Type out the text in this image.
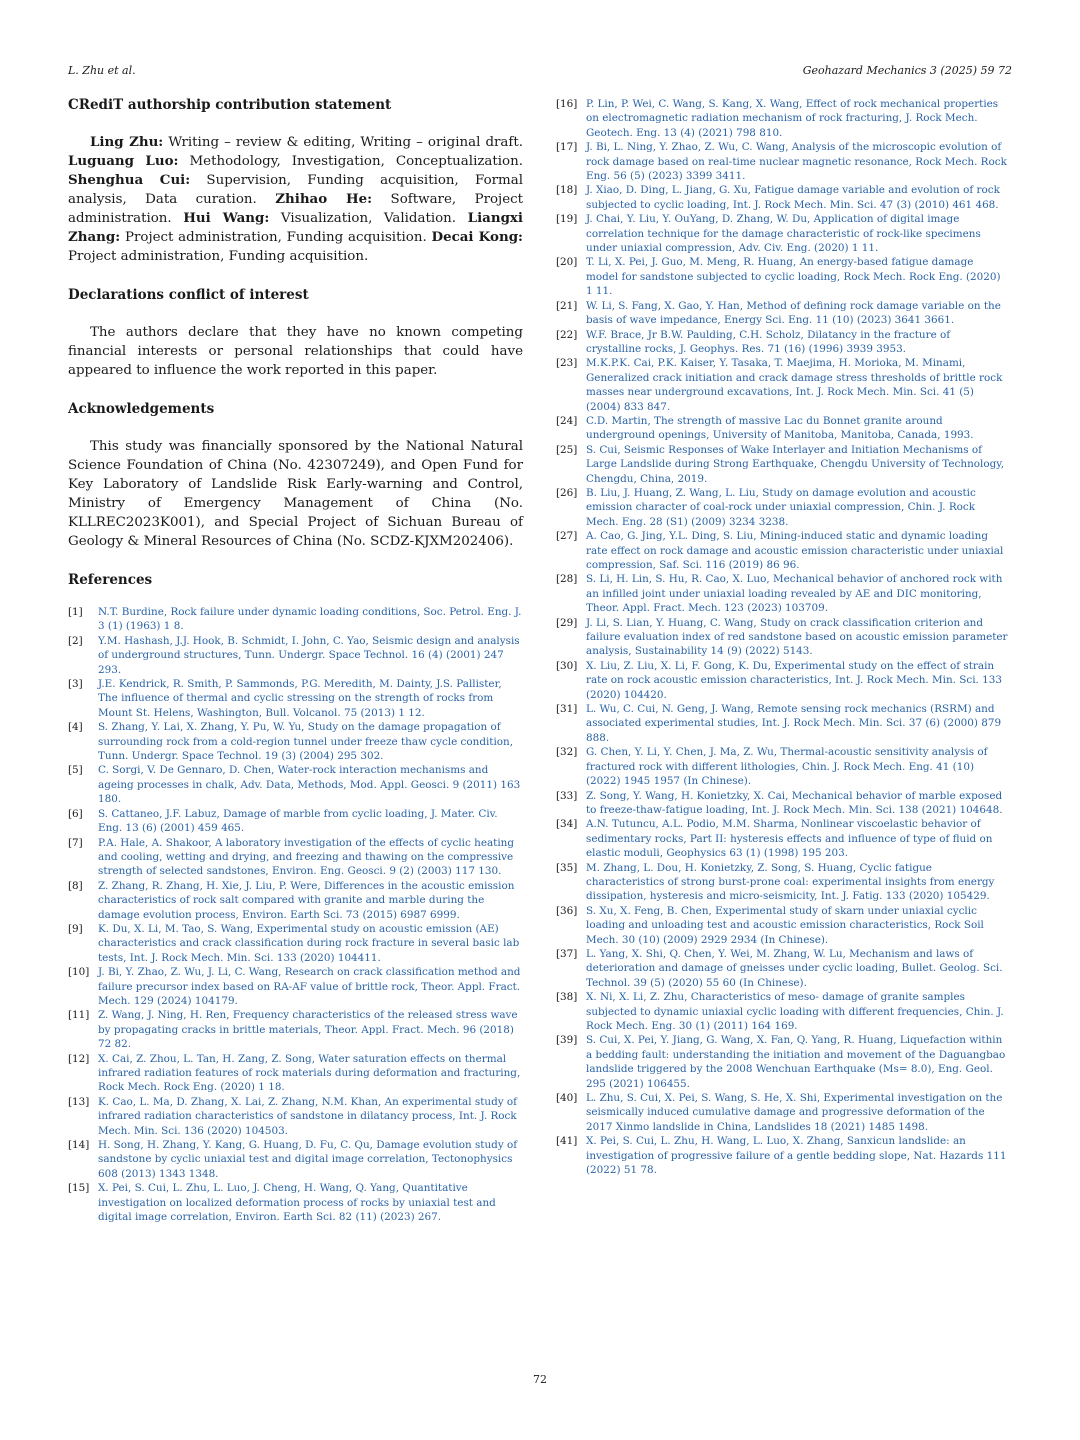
L. Zhu et al.	Geohazard Mechanics 3 (2025) 59 72
CRediT authorship contribution statement

Ling Zhu: Writing – review & editing, Writing – original draft. Luguang Luo: Methodology, Investigation, Conceptualization. Shenghua Cui: Supervision, Funding acquisition, Formal analysis, Data curation. Zhihao He: Software, Project administration. Hui Wang: Visualization, Validation. Liangxi Zhang: Project administration, Funding acquisition. Decai Kong: Project administration, Funding acquisition.

Declarations conflict of interest

The authors declare that they have no known competing financial interests or personal relationships that could have appeared to influence the work reported in this paper.

Acknowledgements

This study was financially sponsored by the National Natural Science Foundation of China (No. 42307249), and Open Fund for Key Laboratory of Landslide Risk Early-warning and Control, Ministry of Emergency Management of China (No. KLLREC2023K001), and Special Project of Sichuan Bureau of Geology & Mineral Resources of China (No. SCDZ-KJXM202406).

References
[1] N.T. Burdine, Rock failure under dynamic loading conditions, Soc. Petrol. Eng. J. 3 (1) (1963) 1 8.
[2] Y.M. Hashash, J.J. Hook, B. Schmidt, I. John, C. Yao, Seismic design and analysis of underground structures, Tunn. Undergr. Space Technol. 16 (4) (2001) 247 293.
[3] J.E. Kendrick, R. Smith, P. Sammonds, P.G. Meredith, M. Dainty, J.S. Pallister, The influence of thermal and cyclic stressing on the strength of rocks from Mount St. Helens, Washington, Bull. Volcanol. 75 (2013) 1 12.
[4] S. Zhang, Y. Lai, X. Zhang, Y. Pu, W. Yu, Study on the damage propagation of surrounding rock from a cold-region tunnel under freeze thaw cycle condition, Tunn. Undergr. Space Technol. 19 (3) (2004) 295 302.
[5] C. Sorgi, V. De Gennaro, D. Chen, Water-rock interaction mechanisms and ageing processes in chalk, Adv. Data, Methods, Mod. Appl. Geosci. 9 (2011) 163 180.
[6] S. Cattaneo, J.F. Labuz, Damage of marble from cyclic loading, J. Mater. Civ. Eng. 13 (6) (2001) 459 465.
[7] P.A. Hale, A. Shakoor, A laboratory investigation of the effects of cyclic heating and cooling, wetting and drying, and freezing and thawing on the compressive strength of selected sandstones, Environ. Eng. Geosci. 9 (2) (2003) 117 130.
[8] Z. Zhang, R. Zhang, H. Xie, J. Liu, P. Were, Differences in the acoustic emission characteristics of rock salt compared with granite and marble during the damage evolution process, Environ. Earth Sci. 73 (2015) 6987 6999.
[9] K. Du, X. Li, M. Tao, S. Wang, Experimental study on acoustic emission (AE) characteristics and crack classification during rock fracture in several basic lab tests, Int. J. Rock Mech. Min. Sci. 133 (2020) 104411.
[10] J. Bi, Y. Zhao, Z. Wu, J. Li, C. Wang, Research on crack classification method and failure precursor index based on RA-AF value of brittle rock, Theor. Appl. Fract. Mech. 129 (2024) 104179.
[11] Z. Wang, J. Ning, H. Ren, Frequency characteristics of the released stress wave by propagating cracks in brittle materials, Theor. Appl. Fract. Mech. 96 (2018) 72 82.
[12] X. Cai, Z. Zhou, L. Tan, H. Zang, Z. Song, Water saturation effects on thermal infrared radiation features of rock materials during deformation and fracturing, Rock Mech. Rock Eng. (2020) 1 18.
[13] K. Cao, L. Ma, D. Zhang, X. Lai, Z. Zhang, N.M. Khan, An experimental study of infrared radiation characteristics of sandstone in dilatancy process, Int. J. Rock Mech. Min. Sci. 136 (2020) 104503.
[14] H. Song, H. Zhang, Y. Kang, G. Huang, D. Fu, C. Qu, Damage evolution study of sandstone by cyclic uniaxial test and digital image correlation, Tectonophysics 608 (2013) 1343 1348.
[15] X. Pei, S. Cui, L. Zhu, L. Luo, J. Cheng, H. Wang, Q. Yang, Quantitative investigation on localized deformation process of rocks by uniaxial test and digital image correlation, Environ. Earth Sci. 82 (11) (2023) 267.
[16] P. Lin, P. Wei, C. Wang, S. Kang, X. Wang, Effect of rock mechanical properties on electromagnetic radiation mechanism of rock fracturing, J. Rock Mech. Geotech. Eng. 13 (4) (2021) 798 810.
[17] J. Bi, L. Ning, Y. Zhao, Z. Wu, C. Wang, Analysis of the microscopic evolution of rock damage based on real-time nuclear magnetic resonance, Rock Mech. Rock Eng. 56 (5) (2023) 3399 3411.
[18] J. Xiao, D. Ding, L. Jiang, G. Xu, Fatigue damage variable and evolution of rock subjected to cyclic loading, Int. J. Rock Mech. Min. Sci. 47 (3) (2010) 461 468.
[19] J. Chai, Y. Liu, Y. OuYang, D. Zhang, W. Du, Application of digital image correlation technique for the damage characteristic of rock-like specimens under uniaxial compression, Adv. Civ. Eng. (2020) 1 11.
[20] T. Li, X. Pei, J. Guo, M. Meng, R. Huang, An energy-based fatigue damage model for sandstone subjected to cyclic loading, Rock Mech. Rock Eng. (2020) 1 11.
[21] W. Li, S. Fang, X. Gao, Y. Han, Method of defining rock damage variable on the basis of wave impedance, Energy Sci. Eng. 11 (10) (2023) 3641 3661.
[22] W.F. Brace, Jr B.W. Paulding, C.H. Scholz, Dilatancy in the fracture of crystalline rocks, J. Geophys. Res. 71 (16) (1996) 3939 3953.
[23] M.K.P.K. Cai, P.K. Kaiser, Y. Tasaka, T. Maejima, H. Morioka, M. Minami, Generalized crack initiation and crack damage stress thresholds of brittle rock masses near underground excavations, Int. J. Rock Mech. Min. Sci. 41 (5) (2004) 833 847.
[24] C.D. Martin, The strength of massive Lac du Bonnet granite around underground openings, University of Manitoba, Manitoba, Canada, 1993.
[25] S. Cui, Seismic Responses of Wake Interlayer and Initiation Mechanisms of Large Landslide during Strong Earthquake, Chengdu University of Technology, Chengdu, China, 2019.
[26] B. Liu, J. Huang, Z. Wang, L. Liu, Study on damage evolution and acoustic emission character of coal-rock under uniaxial compression, Chin. J. Rock Mech. Eng. 28 (S1) (2009) 3234 3238.
[27] A. Cao, G. Jing, Y.L. Ding, S. Liu, Mining-induced static and dynamic loading rate effect on rock damage and acoustic emission characteristic under uniaxial compression, Saf. Sci. 116 (2019) 86 96.
[28] S. Li, H. Lin, S. Hu, R. Cao, X. Luo, Mechanical behavior of anchored rock with an infilled joint under uniaxial loading revealed by AE and DIC monitoring, Theor. Appl. Fract. Mech. 123 (2023) 103709.
[29] J. Li, S. Lian, Y. Huang, C. Wang, Study on crack classification criterion and failure evaluation index of red sandstone based on acoustic emission parameter analysis, Sustainability 14 (9) (2022) 5143.
[30] X. Liu, Z. Liu, X. Li, F. Gong, K. Du, Experimental study on the effect of strain rate on rock acoustic emission characteristics, Int. J. Rock Mech. Min. Sci. 133 (2020) 104420.
[31] L. Wu, C. Cui, N. Geng, J. Wang, Remote sensing rock mechanics (RSRM) and associated experimental studies, Int. J. Rock Mech. Min. Sci. 37 (6) (2000) 879 888.
[32] G. Chen, Y. Li, Y. Chen, J. Ma, Z. Wu, Thermal-acoustic sensitivity analysis of fractured rock with different lithologies, Chin. J. Rock Mech. Eng. 41 (10) (2022) 1945 1957 (In Chinese).
[33] Z. Song, Y. Wang, H. Konietzky, X. Cai, Mechanical behavior of marble exposed to freeze-thaw-fatigue loading, Int. J. Rock Mech. Min. Sci. 138 (2021) 104648.
[34] A.N. Tutuncu, A.L. Podio, M.M. Sharma, Nonlinear viscoelastic behavior of sedimentary rocks, Part II: hysteresis effects and influence of type of fluid on elastic moduli, Geophysics 63 (1) (1998) 195 203.
[35] M. Zhang, L. Dou, H. Konietzky, Z. Song, S. Huang, Cyclic fatigue characteristics of strong burst-prone coal: experimental insights from energy dissipation, hysteresis and micro-seismicity, Int. J. Fatig. 133 (2020) 105429.
[36] S. Xu, X. Feng, B. Chen, Experimental study of skarn under uniaxial cyclic loading and unloading test and acoustic emission characteristics, Rock Soil Mech. 30 (10) (2009) 2929 2934 (In Chinese).
[37] L. Yang, X. Shi, Q. Chen, Y. Wei, M. Zhang, W. Lu, Mechanism and laws of deterioration and damage of gneisses under cyclic loading, Bullet. Geolog. Sci. Technol. 39 (5) (2020) 55 60 (In Chinese).
[38] X. Ni, X. Li, Z. Zhu, Characteristics of meso- damage of granite samples subjected to dynamic uniaxial cyclic loading with different frequencies, Chin. J. Rock Mech. Eng. 30 (1) (2011) 164 169.
[39] S. Cui, X. Pei, Y. Jiang, G. Wang, X. Fan, Q. Yang, R. Huang, Liquefaction within a bedding fault: understanding the initiation and movement of the Daguangbao landslide triggered by the 2008 Wenchuan Earthquake (Ms= 8.0), Eng. Geol. 295 (2021) 106455.
[40] L. Zhu, S. Cui, X. Pei, S. Wang, S. He, X. Shi, Experimental investigation on the seismically induced cumulative damage and progressive deformation of the 2017 Xinmo landslide in China, Landslides 18 (2021) 1485 1498.
[41] X. Pei, S. Cui, L. Zhu, H. Wang, L. Luo, X. Zhang, Sanxicun landslide: an investigation of progressive failure of a gentle bedding slope, Nat. Hazards 111 (2022) 51 78.
72
